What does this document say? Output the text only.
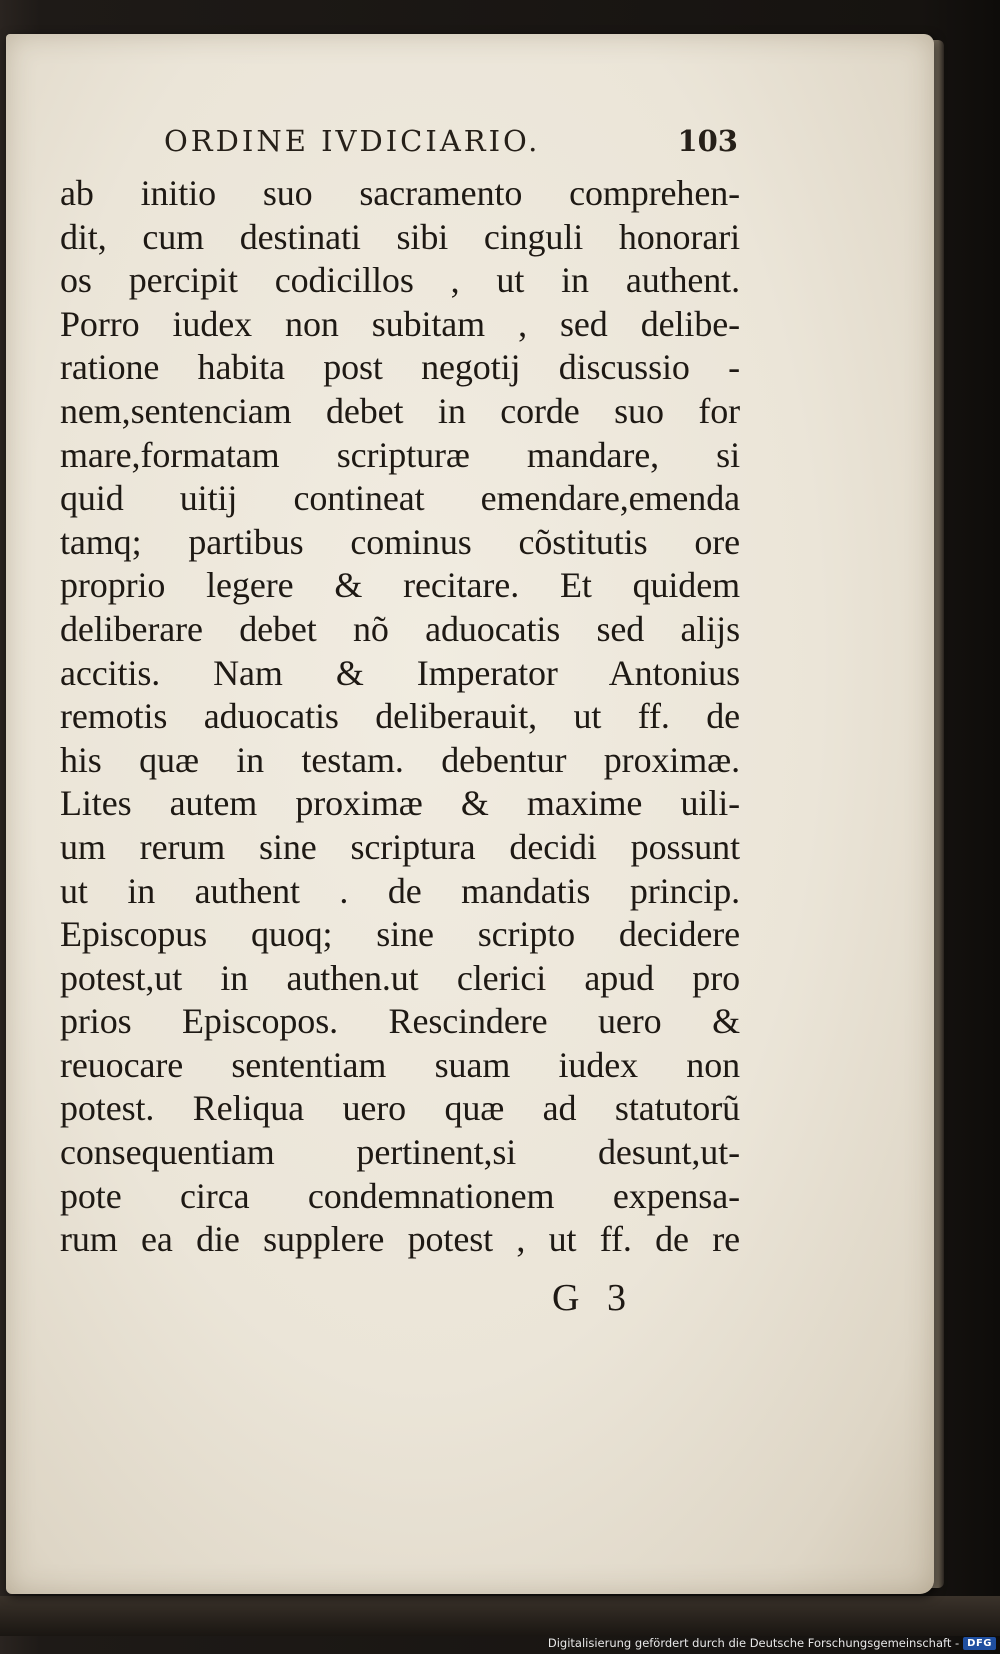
ORDINE IVDICIARIO.	103
ab initio suo sacramento comprehen-
dit, cum destinati sibi cinguli honorari
os percipit codicillos , ut in authent.
Porro iudex non subitam , sed delibe-
ratione habita post negotij discussio -
nem,sentenciam debet in corde suo for
mare,formatam scripturæ mandare, si
quid uitij contineat emendare,emenda
tamq; partibus cominus cõstitutis ore
proprio legere & recitare. Et quidem
deliberare debet nõ aduocatis sed alijs
accitis. Nam & Imperator Antonius
remotis aduocatis deliberauit, ut ff. de
his quæ in testam. debentur proximæ.
Lites autem proximæ & maxime uili-
um rerum sine scriptura decidi possunt
ut in authent . de mandatis princip.
Episcopus quoq; sine scripto decidere
potest,ut in authen.ut clerici apud pro
prios Episcopos. Rescindere uero &
reuocare sententiam suam iudex non
potest. Reliqua uero quæ ad statutorũ
consequentiam pertinent,si desunt,ut-
pote circa condemnationem expensa-
rum ea die supplere potest , ut ff. de re
G 3
Digitalisierung gefördert durch die Deutsche Forschungsgemeinschaft - DFG
